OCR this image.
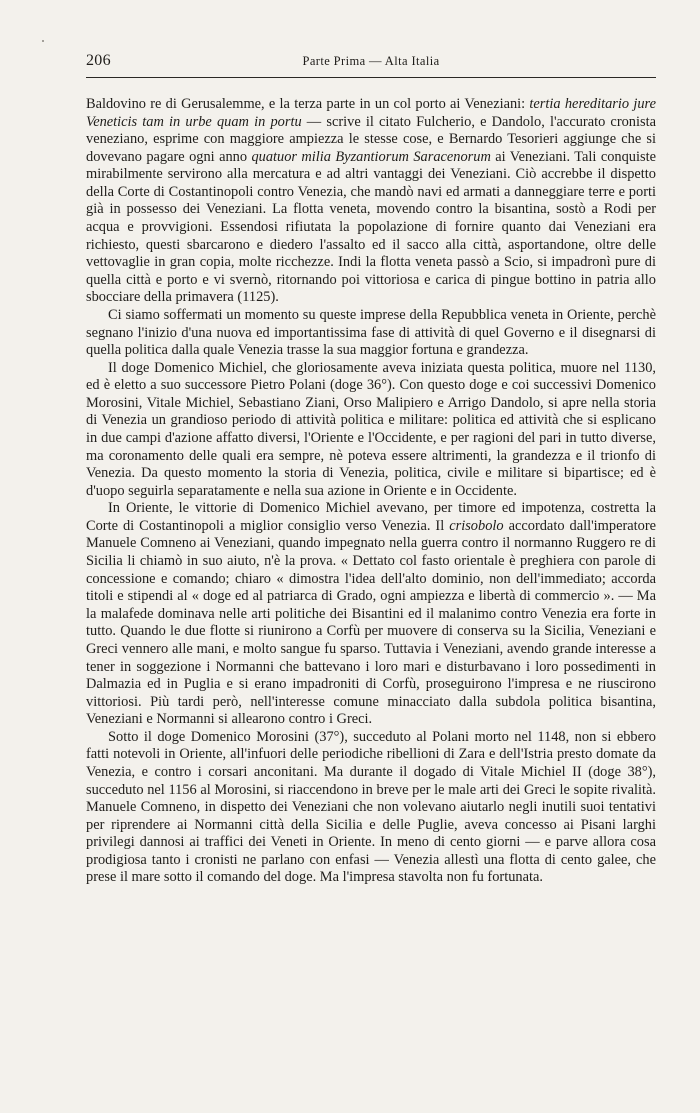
206	Parte Prima — Alta Italia

Baldovino re di Gerusalemme, e la terza parte in un col porto ai Veneziani: tertia hereditario jure Veneticis tam in urbe quam in portu — scrive il citato Fulcherio, e Dandolo, l'accurato cronista veneziano, esprime con maggiore ampiezza le stesse cose, e Bernardo Tesorieri aggiunge che si dovevano pagare ogni anno quatuor milia Byzantiorum Saracenorum ai Veneziani. Tali conquiste mirabilmente servirono alla mercatura e ad altri vantaggi dei Veneziani. Ciò accrebbe il dispetto della Corte di Costantinopoli contro Venezia, che mandò navi ed armati a danneggiare terre e porti già in possesso dei Veneziani. La flotta veneta, movendo contro la bisantina, sostò a Rodi per acqua e provvigioni. Essendosi rifiutata la popolazione di fornire quanto dai Veneziani era richiesto, questi sbarcarono e diedero l'assalto ed il sacco alla città, asportandone, oltre delle vettovaglie in gran copia, molte ricchezze. Indi la flotta veneta passò a Scio, si impadronì pure di quella città e porto e vi svernò, ritornando poi vittoriosa e carica di pingue bottino in patria allo sbocciare della primavera (1125).

Ci siamo soffermati un momento su queste imprese della Repubblica veneta in Oriente, perchè segnano l'inizio d'una nuova ed importantissima fase di attività di quel Governo e il disegnarsi di quella politica dalla quale Venezia trasse la sua maggior fortuna e grandezza.

Il doge Domenico Michiel, che gloriosamente aveva iniziata questa politica, muore nel 1130, ed è eletto a suo successore Pietro Polani (doge 36°). Con questo doge e coi successivi Domenico Morosini, Vitale Michiel, Sebastiano Ziani, Orso Malipiero e Arrigo Dandolo, si apre nella storia di Venezia un grandioso periodo di attività politica e militare: politica ed attività che si esplicano in due campi d'azione affatto diversi, l'Oriente e l'Occidente, e per ragioni del pari in tutto diverse, ma coronamento delle quali era sempre, nè poteva essere altrimenti, la grandezza e il trionfo di Venezia. Da questo momento la storia di Venezia, politica, civile e militare si bipartisce; ed è d'uopo seguirla separatamente e nella sua azione in Oriente e in Occidente.

In Oriente, le vittorie di Domenico Michiel avevano, per timore ed impotenza, costretta la Corte di Costantinopoli a miglior consiglio verso Venezia. Il crisobolo accordato dall'imperatore Manuele Comneno ai Veneziani, quando impegnato nella guerra contro il normanno Ruggero re di Sicilia li chiamò in suo aiuto, n'è la prova. « Dettato col fasto orientale è preghiera con parole di concessione e comando; chiaro « dimostra l'idea dell'alto dominio, non dell'immediato; accorda titoli e stipendi al « doge ed al patriarca di Grado, ogni ampiezza e libertà di commercio ». — Ma la malafede dominava nelle arti politiche dei Bisantini ed il malanimo contro Venezia era forte in tutto. Quando le due flotte si riunirono a Corfù per muovere di conserva su la Sicilia, Veneziani e Greci vennero alle mani, e molto sangue fu sparso. Tuttavia i Veneziani, avendo grande interesse a tener in soggezione i Normanni che battevano i loro mari e disturbavano i loro possedimenti in Dalmazia ed in Puglia e si erano impadroniti di Corfù, proseguirono l'impresa e ne riuscirono vittoriosi. Più tardi però, nell'interesse comune minacciato dalla subdola politica bisantina, Veneziani e Normanni si allearono contro i Greci.

Sotto il doge Domenico Morosini (37°), succeduto al Polani morto nel 1148, non si ebbero fatti notevoli in Oriente, all'infuori delle periodiche ribellioni di Zara e dell'Istria presto domate da Venezia, e contro i corsari anconitani. Ma durante il dogado di Vitale Michiel II (doge 38°), succeduto nel 1156 al Morosini, si riaccendono in breve per le male arti dei Greci le sopite rivalità. Manuele Comneno, in dispetto dei Veneziani che non volevano aiutarlo negli inutili suoi tentativi per riprendere ai Normanni città della Sicilia e delle Puglie, aveva concesso ai Pisani larghi privilegi dannosi ai traffici dei Veneti in Oriente. In meno di cento giorni — e parve allora cosa prodigiosa tanto i cronisti ne parlano con enfasi — Venezia allestì una flotta di cento galee, che prese il mare sotto il comando del doge. Ma l'impresa stavolta non fu fortunata.
